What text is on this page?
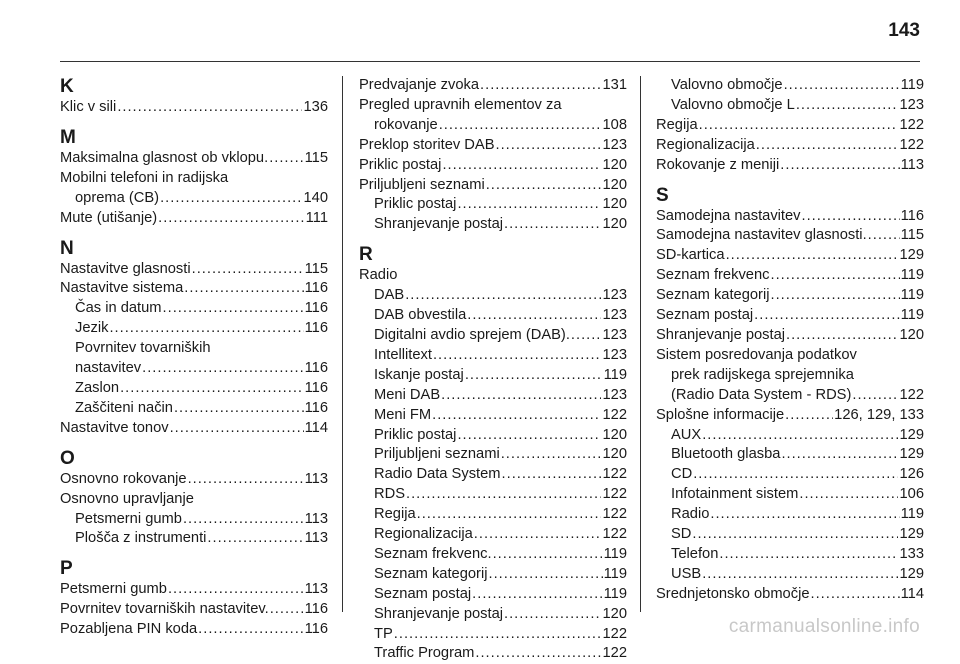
143
K
Klic v sili .....	136
M
Maksimalna glasnost ob vklopu. ..... 115
Mobilni telefoni in radijska
oprema (CB) .....	140
Mute (utišanje) .....	111
N
Nastavitve glasnosti .....	115
Nastavitve sistema .....	116
Čas in datum .....	116
Jezik .....	116
Povrnitev tovarniških
nastavitev .....	116
Zaslon .....	116
Zaščiteni način .....	116
Nastavitve tonov .....	114
O
Osnovno rokovanje .....	113
Osnovno upravljanje
Petsmerni gumb .....	113
Plošča z instrumenti .....	113
P
Petsmerni gumb .....	113
Povrnitev tovarniških nastavitev. ..... 116
Pozabljena PIN koda .....	116
Predvajanje zvoka .....	131
Pregled upravnih elementov za
rokovanje .....	108
Preklop storitev DAB .....	123
Priklic postaj .....	120
Priljubljeni seznami .....	120
Priklic postaj .....	120
Shranjevanje postaj .....	120
R
Radio
DAB .....	123
DAB obvestila .....	123
Digitalni avdio sprejem (DAB). ..... 123
Intellitext .....	123
Iskanje postaj .....	119
Meni DAB .....	123
Meni FM .....	122
Priklic postaj .....	120
Priljubljeni seznami .....	120
Radio Data System .....	122
RDS .....	122
Regija .....	122
Regionalizacija .....	122
Seznam frekvenc. .....	119
Seznam kategorij .....	119
Seznam postaj .....	119
Shranjevanje postaj .....	120
TP .....	122
Traffic Program .....	122
Valovno območje .....	119
Valovno območje L .....	123
Regija .....	122
Regionalizacija .....	122
Rokovanje z meniji .....	113
S
Samodejna nastavitev .....	116
Samodejna nastavitev glasnosti. ..... 115
SD-kartica .....	129
Seznam frekvenc .....	119
Seznam kategorij .....	119
Seznam postaj .....	119
Shranjevanje postaj .....	120
Sistem posredovanja podatkov
prek radijskega sprejemnika
(Radio Data System - RDS) .....	122
Splošne informacije .....	126, 129, 133
AUX .....	129
Bluetooth glasba .....	129
CD .....	126
Infotainment sistem .....	106
Radio .....	119
SD .....	129
Telefon .....	133
USB .....	129
Srednjetonsko območje .....	114
carmanualsonline.info
